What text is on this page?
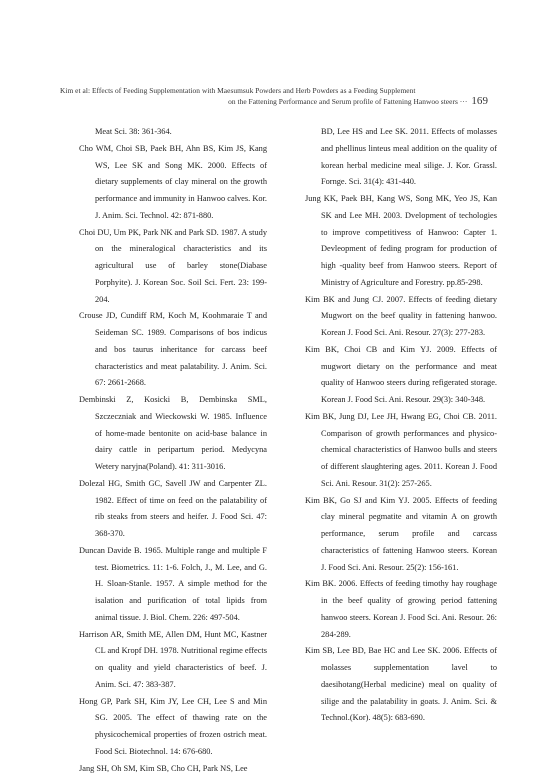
Kim et al: Effects of Feeding Supplementation with Maesumsuk Powders and Herb Powders as a Feeding Supplement
on the Fattening Performance and Serum profile of Fattening Hanwoo steers ··· 169

Meat Sci. 38: 361-364.

Cho WM, Choi SB, Paek BH, Ahn BS, Kim JS, Kang WS, Lee SK and Song MK. 2000. Effects of dietary supplements of clay mineral on the growth performance and immunity in Hanwoo calves. Kor. J. Anim. Sci. Technol. 42: 871-880.

Choi DU, Um PK, Park NK and Park SD. 1987. A study on the mineralogical characteristics and its agricultural use of barley stone(Diabase Porphyite). J. Korean Soc. Soil Sci. Fert. 23: 199-204.

Crouse JD, Cundiff RM, Koch M, Koohmaraie T and Seideman SC. 1989. Comparisons of bos indicus and bos taurus inheritance for carcass beef characteristics and meat palatability. J. Anim. Sci. 67: 2661-2668.

Dembinski Z, Kosicki B, Dembinska SML, Szczeczniak and Wieckowski W. 1985. Influence of home-made bentonite on acid-base balance in dairy cattle in peripartum period. Medycyna Wetery naryjna(Poland). 41: 311-3016.

Dolezal HG, Smith GC, Savell JW and Carpenter ZL. 1982. Effect of time on feed on the palatability of rib steaks from steers and heifer. J. Food Sci. 47: 368-370.

Duncan Davide B. 1965. Multiple range and multiple F test. Biometrics. 11: 1-6. Folch, J., M. Lee, and G. H. Sloan-Stanle. 1957. A simple method for the isalation and purification of total lipids from animal tissue. J. Biol. Chem. 226: 497-504.

Harrison AR, Smith ME, Allen DM, Hunt MC, Kastner CL and Kropf DH. 1978. Nutritional regime effects on quality and yield characteristics of beef. J. Anim. Sci. 47: 383-387.

Hong GP, Park SH, Kim JY, Lee CH, Lee S and Min SG. 2005. The effect of thawing rate on the physicochemical properties of frozen ostrich meat. Food Sci. Biotechnol. 14: 676-680.

Jang SH, Oh SM, Kim SB, Cho CH, Park NS, Lee

BD, Lee HS and Lee SK. 2011. Effects of molasses and phellinus linteus meal addition on the quality of korean herbal medicine meal silige. J. Kor. Grassl. Fornge. Sci. 31(4): 431-440.

Jung KK, Paek BH, Kang WS, Song MK, Yeo JS, Kan SK and Lee MH. 2003. Dvelopment of techologies to improve competitivess of Hanwoo: Capter 1. Devleopment of feding program for production of high -quality beef from Hanwoo steers. Report of Ministry of Agriculture and Forestry. pp.85-298.

Kim BK and Jung CJ. 2007. Effects of feeding dietary Mugwort on the beef quality in fattening hanwoo. Korean J. Food Sci. Ani. Resour. 27(3): 277-283.

Kim BK, Choi CB and Kim YJ. 2009. Effects of mugwort dietary on the performance and meat quality of Hanwoo steers during refigerated storage. Korean J. Food Sci. Ani. Resour. 29(3): 340-348.

Kim BK, Jung DJ, Lee JH, Hwang EG, Choi CB. 2011. Comparison of growth performances and physico-chemical characteristics of Hanwoo bulls and steers of different slaughtering ages. 2011. Korean J. Food Sci. Ani. Resour. 31(2): 257-265.

Kim BK, Go SJ and Kim YJ. 2005. Effects of feeding clay mineral pegmatite and vitamin A on growth performance, serum profile and carcass characteristics of fattening Hanwoo steers. Korean J. Food Sci. Ani. Resour. 25(2): 156-161.

Kim BK. 2006. Effects of feeding timothy hay roughage in the beef quality of growing period fattening hanwoo steers. Korean J. Food Sci. Ani. Resour. 26: 284-289.

Kim SB, Lee BD, Bae HC and Lee SK. 2006. Effects of molasses supplementation lavel to daesihotang(Herbal medicine) meal on quality of silige and the palatability in goats. J. Anim. Sci. & Technol.(Kor). 48(5): 683-690.
